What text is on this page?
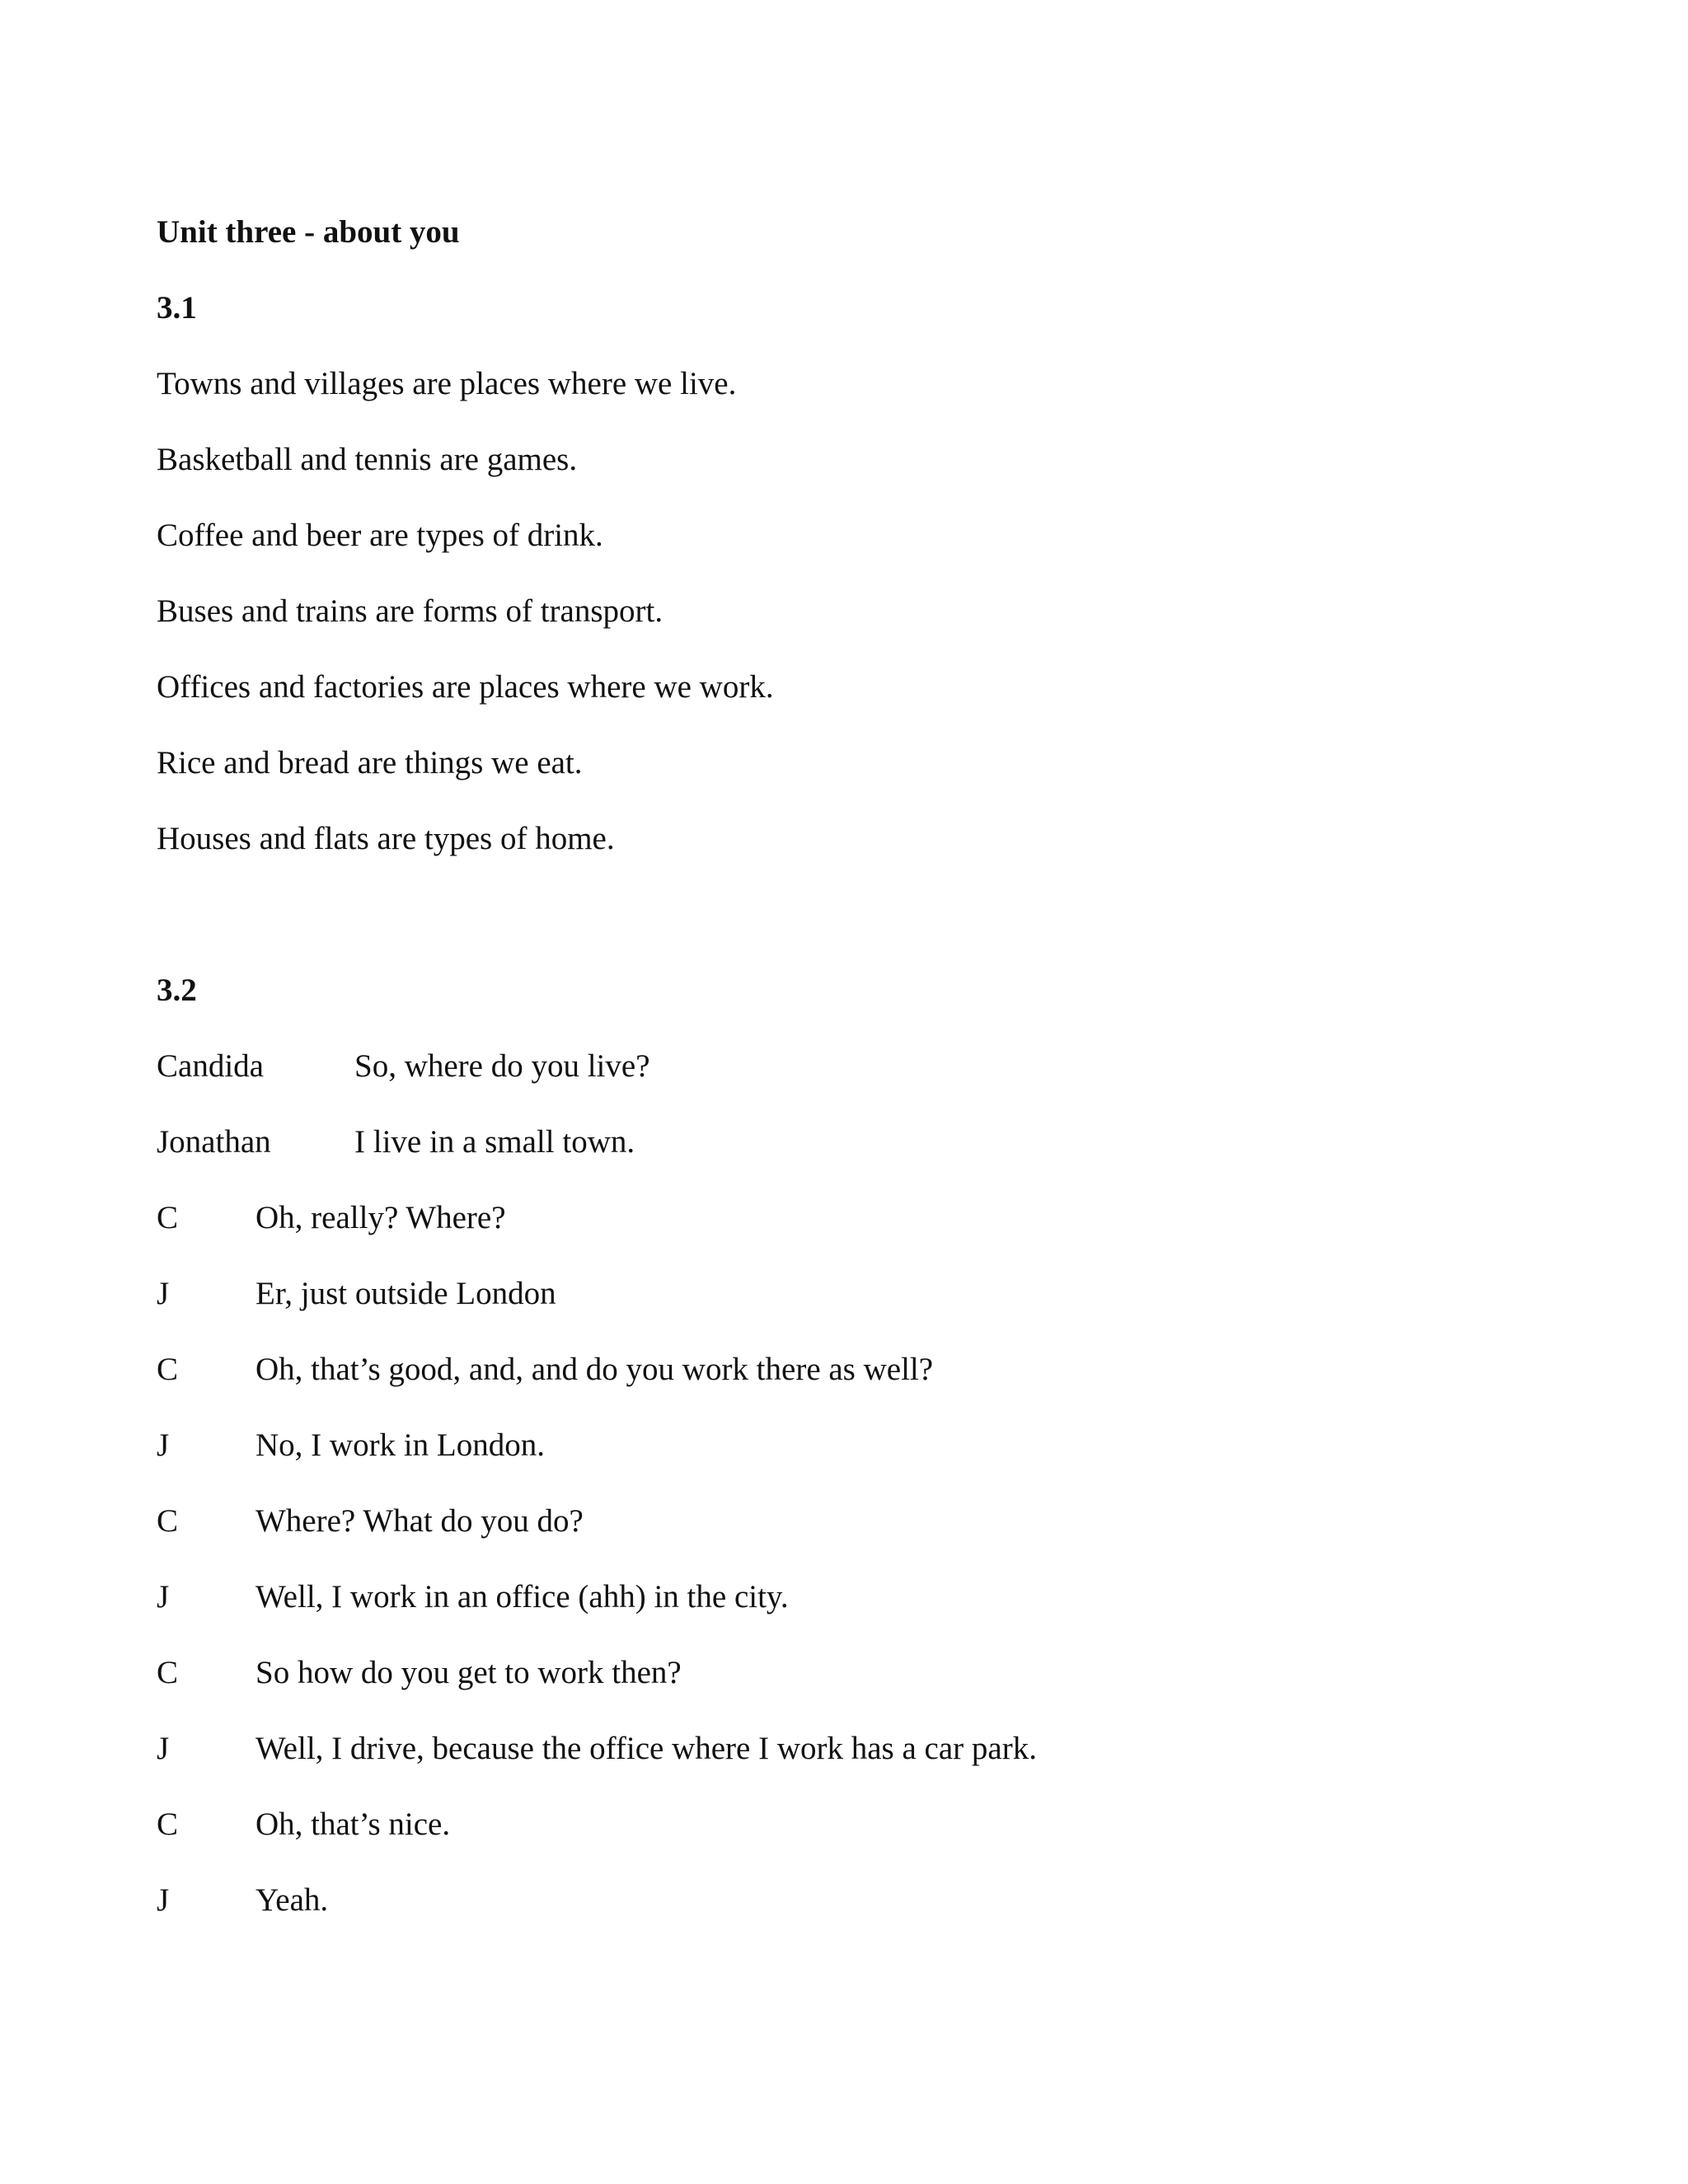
Unit three - about you
3.1
Towns and villages are places where we live.
Basketball and tennis are games.
Coffee and beer are types of drink.
Buses and trains are forms of transport.
Offices and factories are places where we work.
Rice and bread are things we eat.
Houses and flats are types of home.
3.2
Candida	So, where do you live?
Jonathan	I live in a small town.
C Oh, really? Where?
J	Er, just outside London
C Oh, that’s good, and, and do you work there as well?
J	No, I work in London.
C Where? What do you do?
J	Well, I work in an office (ahh) in the city.
C So how do you get to work then?
J	Well, I drive, because the office where I work has a car park.
C Oh, that’s nice.
J	Yeah.
